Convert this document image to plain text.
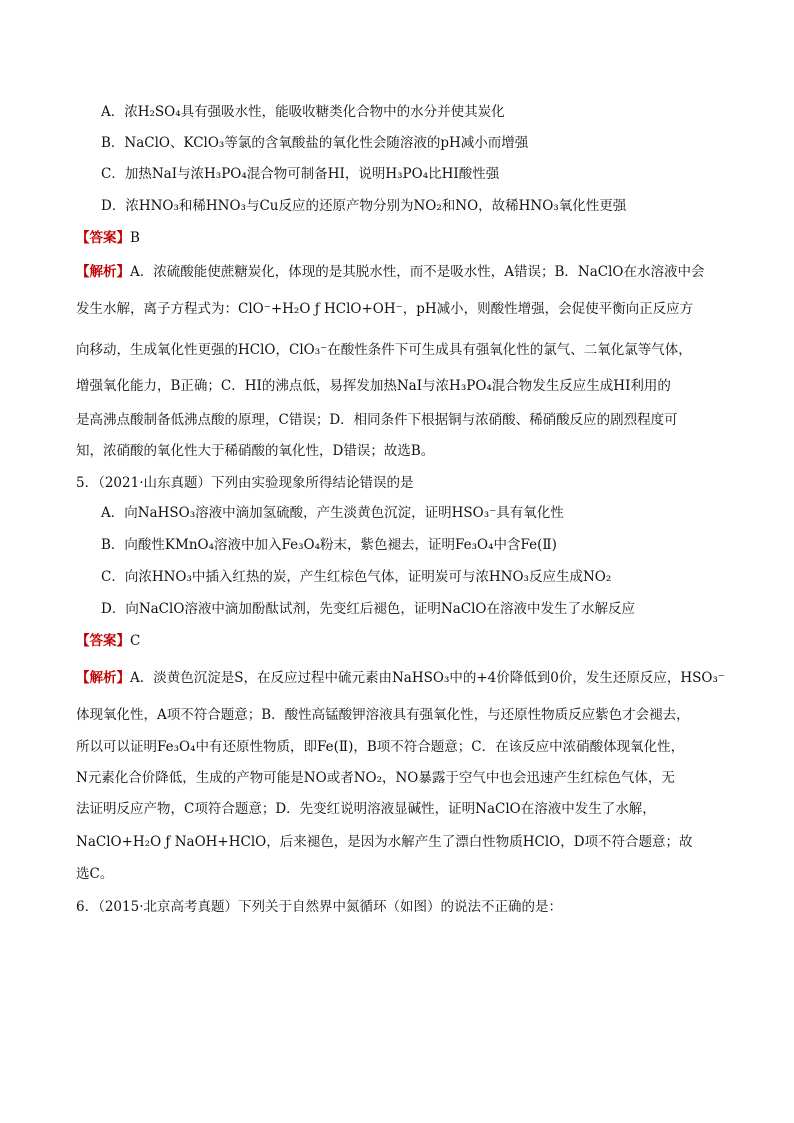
A．浓H₂SO₄具有强吸水性，能吸收糖类化合物中的水分并使其炭化
B．NaClO、KClO₃等氯的含氧酸盐的氧化性会随溶液的pH减小而增强
C．加热NaI与浓H₃PO₄混合物可制备HI，说明H₃PO₄比HI酸性强
D．浓HNO₃和稀HNO₃与Cu反应的还原产物分别为NO₂和NO，故稀HNO₃氧化性更强
【答案】B
【解析】A．浓硫酸能使蔗糖炭化，体现的是其脱水性，而不是吸水性，A错误；B．NaClO在水溶液中会
发生水解，离子方程式为：ClO⁻+H₂O ƒ HClO+OH⁻，pH减小，则酸性增强，会促使平衡向正反应方
向移动，生成氧化性更强的HClO，ClO₃⁻在酸性条件下可生成具有强氧化性的氯气、二氧化氯等气体，
增强氧化能力，B正确；C．HI的沸点低，易挥发加热NaI与浓H₃PO₄混合物发生反应生成HI利用的
是高沸点酸制备低沸点酸的原理，C错误；D．相同条件下根据铜与浓硝酸、稀硝酸反应的剧烈程度可
知，浓硝酸的氧化性大于稀硝酸的氧化性，D错误；故选B。
5．（2021·山东真题）下列由实验现象所得结论错误的是
A．向NaHSO₃溶液中滴加氢硫酸，产生淡黄色沉淀，证明HSO₃⁻具有氧化性
B．向酸性KMnO₄溶液中加入Fe₃O₄粉末，紫色褪去，证明Fe₃O₄中含Fe(Ⅱ)
C．向浓HNO₃中插入红热的炭，产生红棕色气体，证明炭可与浓HNO₃反应生成NO₂
D．向NaClO溶液中滴加酚酞试剂，先变红后褪色，证明NaClO在溶液中发生了水解反应
【答案】C
【解析】A．淡黄色沉淀是S，在反应过程中硫元素由NaHSO₃中的+4价降低到0价，发生还原反应，HSO₃⁻
体现氧化性，A项不符合题意；B．酸性高锰酸钾溶液具有强氧化性，与还原性物质反应紫色才会褪去，
所以可以证明Fe₃O₄中有还原性物质，即Fe(Ⅱ)，B项不符合题意；C．在该反应中浓硝酸体现氧化性，
N元素化合价降低，生成的产物可能是NO或者NO₂，NO暴露于空气中也会迅速产生红棕色气体，无
法证明反应产物，C项符合题意；D．先变红说明溶液显碱性，证明NaClO在溶液中发生了水解，
NaClO+H₂O ƒ NaOH+HClO，后来褪色，是因为水解产生了漂白性物质HClO，D项不符合题意；故
选C。
6．（2015·北京高考真题）下列关于自然界中氮循环（如图）的说法不正确的是：
